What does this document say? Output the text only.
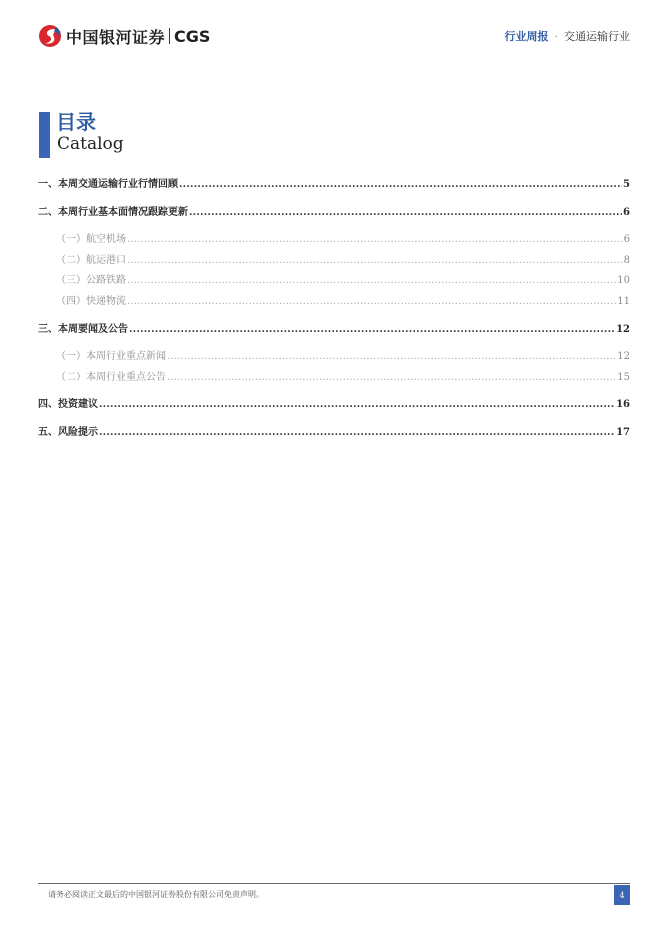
中国银河证券 CGS	行业周报 · 交通运输行业
目录
Catalog
一、本周交通运输行业行情回顾 .....	5
二、本周行业基本面情况跟踪更新 .....	6
（一）航空机场 .....	6
（二）航运港口 .....	8
（三）公路铁路 .....	10
（四）快递物流 .....	11
三、本周要闻及公告 .....	12
（一）本周行业重点新闻 .....	12
（二）本周行业重点公告 .....	15
四、投资建议 .....	16
五、风险提示 .....	17
请务必阅读正文最后的中国银河证券股份有限公司免责声明。	4
